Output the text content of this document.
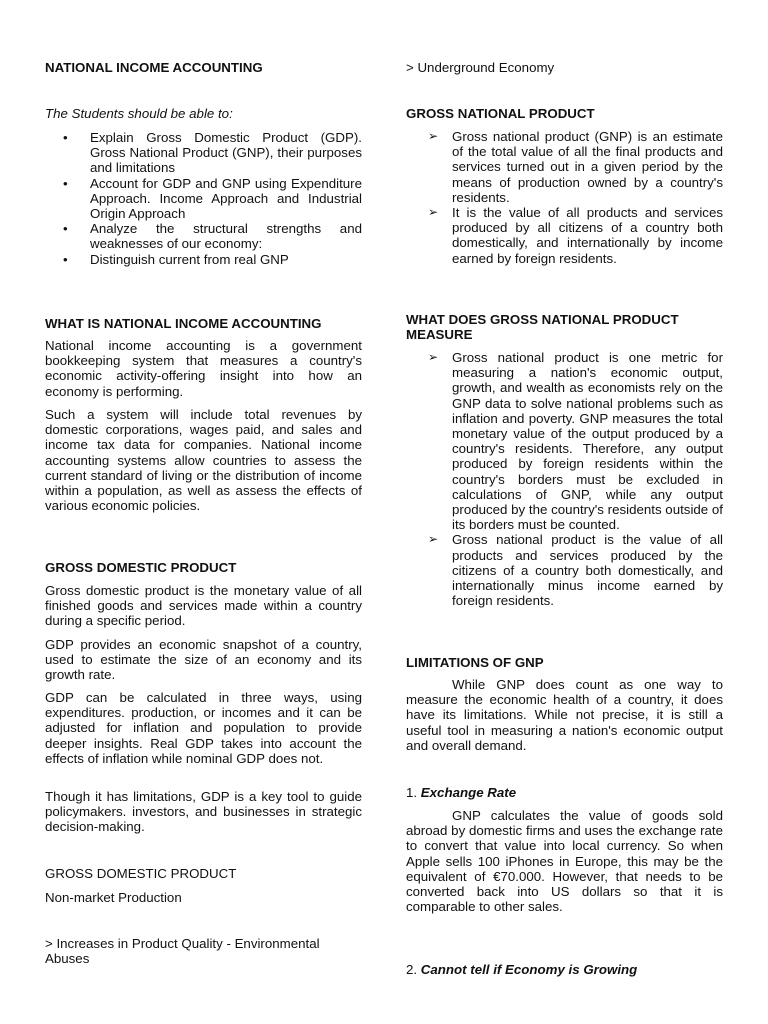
NATIONAL INCOME ACCOUNTING

The Students should be able to:

• Explain Gross Domestic Product (GDP). Gross National Product (GNP), their purposes and limitations
• Account for GDP and GNP using Expenditure Approach. Income Approach and Industrial Origin Approach
• Analyze the structural strengths and weaknesses of our economy:
• Distinguish current from real GNP
WHAT IS NATIONAL INCOME ACCOUNTING

National income accounting is a government bookkeeping system that measures a country's economic activity-offering insight into how an economy is performing.

Such a system will include total revenues by domestic corporations, wages paid, and sales and income tax data for companies. National income accounting systems allow countries to assess the current standard of living or the distribution of income within a population, as well as assess the effects of various economic policies.

GROSS DOMESTIC PRODUCT

Gross domestic product is the monetary value of all finished goods and services made within a country during a specific period.

GDP provides an economic snapshot of a country, used to estimate the size of an economy and its growth rate.

GDP can be calculated in three ways, using expenditures. production, or incomes and it can be adjusted for inflation and population to provide deeper insights. Real GDP takes into account the effects of inflation while nominal GDP does not.

Though it has limitations, GDP is a key tool to guide policymakers. investors, and businesses in strategic decision-making.

GROSS DOMESTIC PRODUCT

Non-market Production

> Increases in Product Quality - Environmental Abuses

> Underground Economy

GROSS NATIONAL PRODUCT
➢ Gross national product (GNP) is an estimate of the total value of all the final products and services turned out in a given period by the means of production owned by a country's residents.
➢ It is the value of all products and services produced by all citizens of a country both domestically, and internationally by income earned by foreign residents.
WHAT DOES GROSS NATIONAL PRODUCT MEASURE
➢ Gross national product is one metric for measuring a nation's economic output, growth, and wealth as economists rely on the GNP data to solve national problems such as inflation and poverty. GNP measures the total monetary value of the output produced by a country's residents. Therefore, any output produced by foreign residents within the country's borders must be excluded in calculations of GNP, while any output produced by the country's residents outside of its borders must be counted.
➢ Gross national product is the value of all products and services produced by the citizens of a country both domestically, and internationally minus income earned by foreign residents.
LIMITATIONS OF GNP

While GNP does count as one way to measure the economic health of a country, it does have its limitations. While not precise, it is still a useful tool in measuring a nation's economic output and overall demand.

1. Exchange Rate

GNP calculates the value of goods sold abroad by domestic firms and uses the exchange rate to convert that value into local currency. So when Apple sells 100 iPhones in Europe, this may be the equivalent of €70.000. However, that needs to be converted back into US dollars so that it is comparable to other sales.

2. Cannot tell if Economy is Growing
